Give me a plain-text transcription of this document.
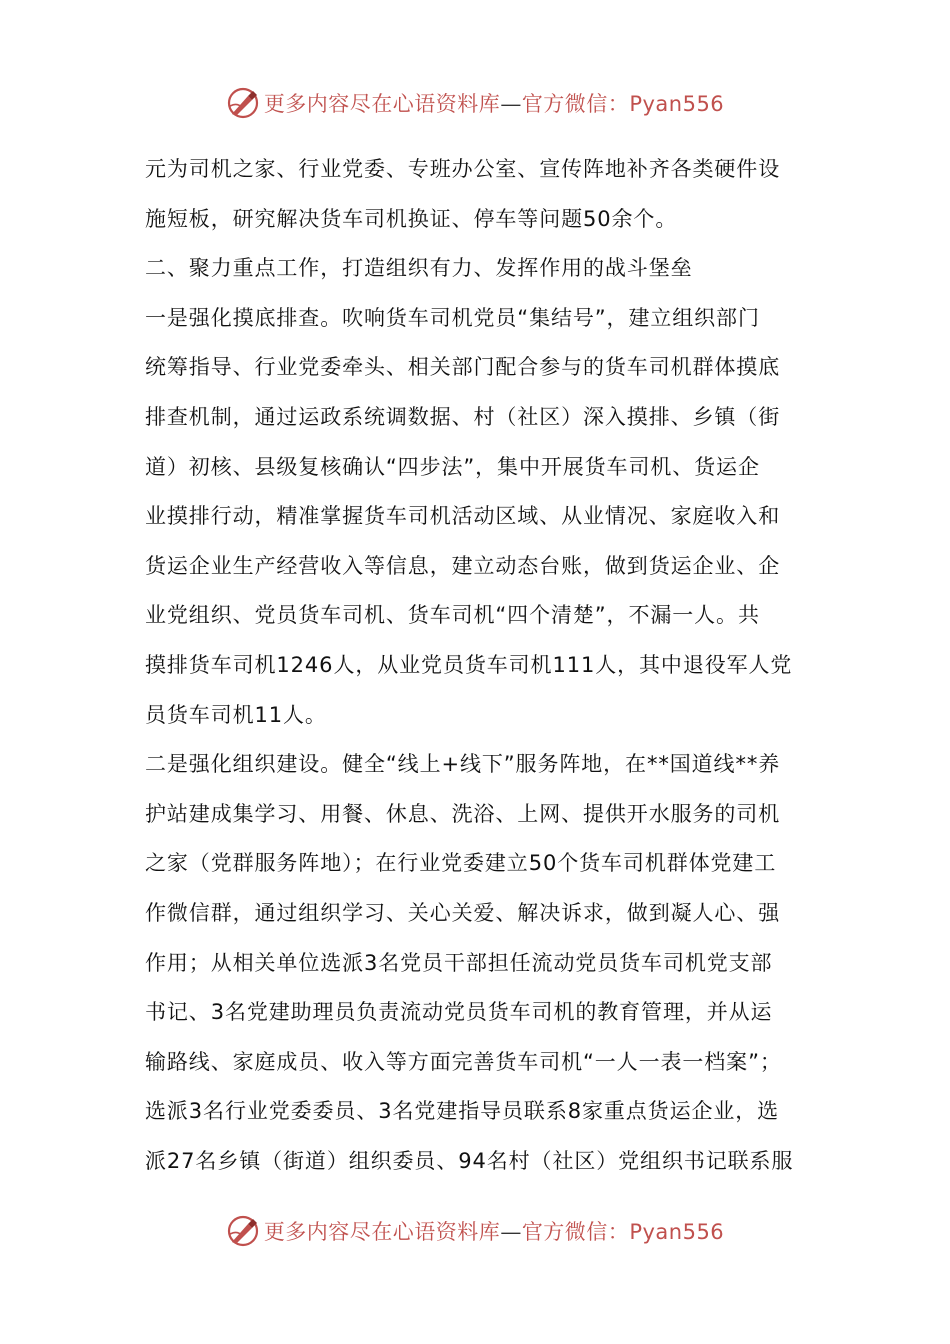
更多内容尽在心语资料库—官方微信：Pyan556
元为司机之家、行业党委、专班办公室、宣传阵地补齐各类硬件设
施短板，研究解决货车司机换证、停车等问题50余个。
二、聚力重点工作，打造组织有力、发挥作用的战斗堡垒
一是强化摸底排查。吹响货车司机党员“集结号”，建立组织部门
统筹指导、行业党委牵头、相关部门配合参与的货车司机群体摸底
排查机制，通过运政系统调数据、村（社区）深入摸排、乡镇（街
道）初核、县级复核确认“四步法”，集中开展货车司机、货运企
业摸排行动，精准掌握货车司机活动区域、从业情况、家庭收入和
货运企业生产经营收入等信息，建立动态台账，做到货运企业、企
业党组织、党员货车司机、货车司机“四个清楚”，不漏一人。共
摸排货车司机1246人，从业党员货车司机111人，其中退役军人党
员货车司机11人。
二是强化组织建设。健全“线上+线下”服务阵地，在**国道线**养
护站建成集学习、用餐、休息、洗浴、上网、提供开水服务的司机
之家（党群服务阵地）；在行业党委建立50个货车司机群体党建工
作微信群，通过组织学习、关心关爱、解决诉求，做到凝人心、强
作用；从相关单位选派3名党员干部担任流动党员货车司机党支部
书记、3名党建助理员负责流动党员货车司机的教育管理，并从运
输路线、家庭成员、收入等方面完善货车司机“一人一表一档案”；
选派3名行业党委委员、3名党建指导员联系8家重点货运企业，选
派27名乡镇（街道）组织委员、94名村（社区）党组织书记联系服
更多内容尽在心语资料库—官方微信：Pyan556
